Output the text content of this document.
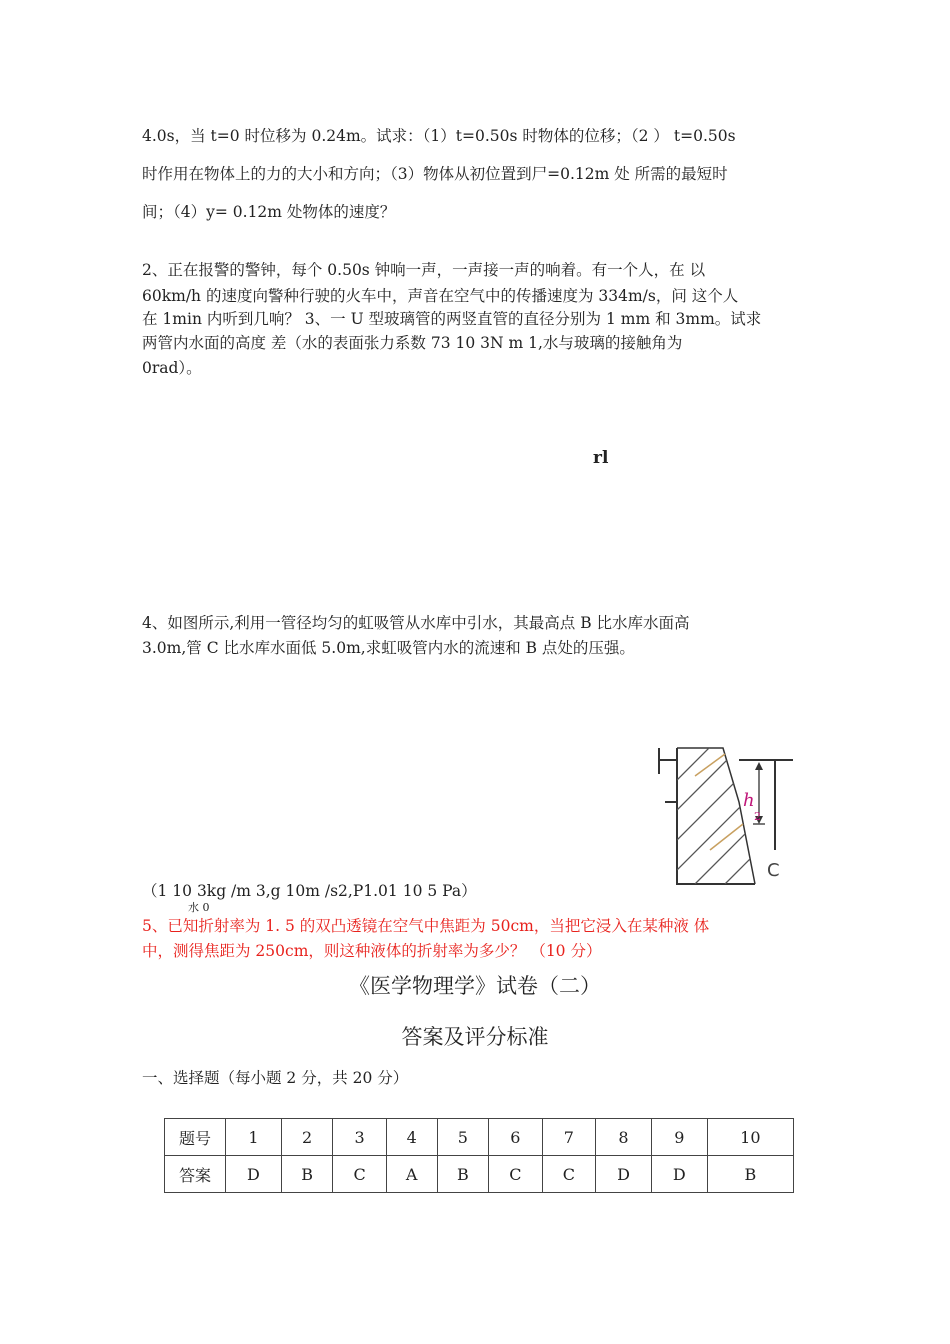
4.0s，当 t=0 时位移为 0.24m。试求：（1）t=0.50s 时物体的位移；（2 ） t=0.50s
时作用在物体上的力的大小和方向；（3）物体从初位置到尸=0.12m 处 所需的最短时
间；（4）y= 0.12m 处物体的速度？
2、正在报警的警钟，每个 0.50s 钟响一声，一声接一声的响着。有一个人，在 以
60km/h 的速度向警种行驶的火车中，声音在空气中的传播速度为 334m/s，问 这个人
在 1min 内听到几响？ 3、一 U 型玻璃管的两竖直管的直径分别为 1 mm 和 3mm。试求
两管内水面的高度 差（水的表面张力系数 73 10 3N m 1,水与玻璃的接触角为
0rad）。
rl
4、如图所示,利用一管径均匀的虹吸管从水库中引水，其最高点 B 比水库水面高
3.0m,管 C 比水库水面低 5.0m,求虹吸管内水的流速和 B 点处的压强。
h
2
C
（1 10 3kg /m 3,g 10m /s2,P1.01 10 5 Pa）
水 0
5、已知折射率为 1. 5 的双凸透镜在空气中焦距为 50cm，当把它浸入在某种液 体
中，测得焦距为 250cm，则这种液体的折射率为多少？ （10 分）
《医学物理学》试卷（二）
答案及评分标准
一、选择题（每小题 2 分，共 20 分）
题号	1	2	3	4	5	6	7	8	9	10
答案	D	B	C	A	B	C	C	D	D	B
